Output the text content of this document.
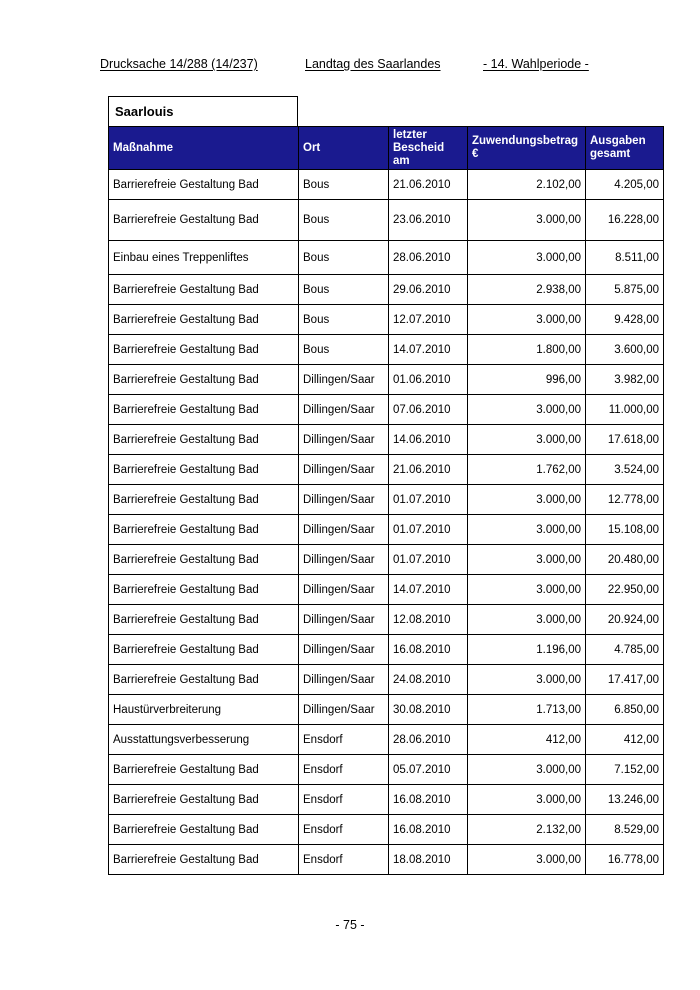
Drucksache 14/288 (14/237)	Landtag des Saarlandes	- 14. Wahlperiode -
Saarlouis
Maßnahme	Ort	letzter Bescheid am	Zuwendungsbetrag €	Ausgaben gesamt
Barrierefreie Gestaltung Bad	Bous	21.06.2010	2.102,00	4.205,00
Barrierefreie Gestaltung Bad	Bous	23.06.2010	3.000,00	16.228,00
Einbau eines Treppenliftes	Bous	28.06.2010	3.000,00	8.511,00
Barrierefreie Gestaltung Bad	Bous	29.06.2010	2.938,00	5.875,00
Barrierefreie Gestaltung Bad	Bous	12.07.2010	3.000,00	9.428,00
Barrierefreie Gestaltung Bad	Bous	14.07.2010	1.800,00	3.600,00
Barrierefreie Gestaltung Bad	Dillingen/Saar	01.06.2010	996,00	3.982,00
Barrierefreie Gestaltung Bad	Dillingen/Saar	07.06.2010	3.000,00	11.000,00
Barrierefreie Gestaltung Bad	Dillingen/Saar	14.06.2010	3.000,00	17.618,00
Barrierefreie Gestaltung Bad	Dillingen/Saar	21.06.2010	1.762,00	3.524,00
Barrierefreie Gestaltung Bad	Dillingen/Saar	01.07.2010	3.000,00	12.778,00
Barrierefreie Gestaltung Bad	Dillingen/Saar	01.07.2010	3.000,00	15.108,00
Barrierefreie Gestaltung Bad	Dillingen/Saar	01.07.2010	3.000,00	20.480,00
Barrierefreie Gestaltung Bad	Dillingen/Saar	14.07.2010	3.000,00	22.950,00
Barrierefreie Gestaltung Bad	Dillingen/Saar	12.08.2010	3.000,00	20.924,00
Barrierefreie Gestaltung Bad	Dillingen/Saar	16.08.2010	1.196,00	4.785,00
Barrierefreie Gestaltung Bad	Dillingen/Saar	24.08.2010	3.000,00	17.417,00
Haustürverbreiterung	Dillingen/Saar	30.08.2010	1.713,00	6.850,00
Ausstattungsverbesserung	Ensdorf	28.06.2010	412,00	412,00
Barrierefreie Gestaltung Bad	Ensdorf	05.07.2010	3.000,00	7.152,00
Barrierefreie Gestaltung Bad	Ensdorf	16.08.2010	3.000,00	13.246,00
Barrierefreie Gestaltung Bad	Ensdorf	16.08.2010	2.132,00	8.529,00
Barrierefreie Gestaltung Bad	Ensdorf	18.08.2010	3.000,00	16.778,00
- 75 -
